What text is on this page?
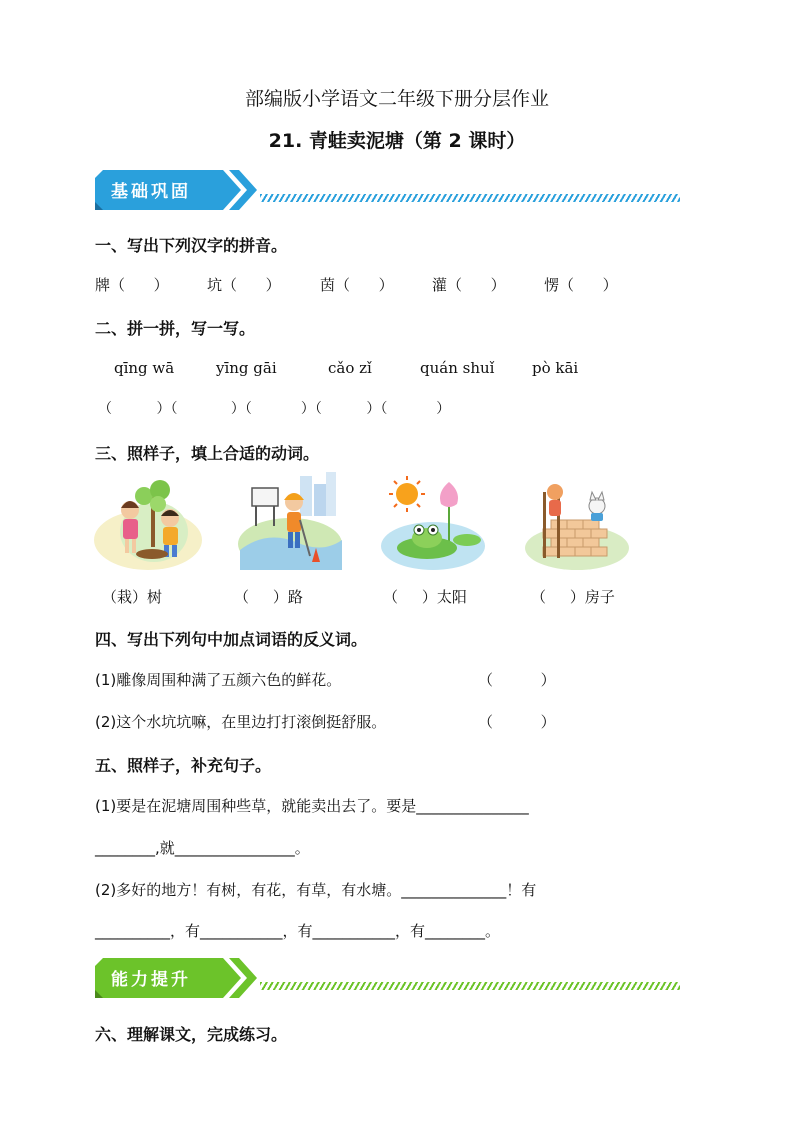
部编版小学语文二年级下册分层作业
21. 青蛙卖泥塘（第 2 课时）
基础巩固
一、写出下列汉字的拼音。
牌（      ）	坑（      ）	茵（      ）	灌（      ）	愣（      ）
二、拼一拼，写一写。
qīng wā	yīng gāi	cǎo zǐ	quán shuǐ	pò kāi
（          ）（            ）（           ）（          ）（           ）
三、照样子，填上合适的动词。
（栽）树	（     ）路	（     ）太阳	（     ）房子
四、写出下列句中加点词语的反义词。
(1)雕像周围种满了五颜六色的鲜花。	（          ）
(2)这个水坑坑嘛，在里边打打滚倒挺舒服。	（          ）
五、照样子，补充句子。
(1)要是在泥塘周围种些草，就能卖出去了。要是_______________
________,就________________。
(2)多好的地方！有树，有花，有草，有水塘。______________！有
__________，有___________，有___________，有________。
能力提升
六、理解课文，完成练习。
